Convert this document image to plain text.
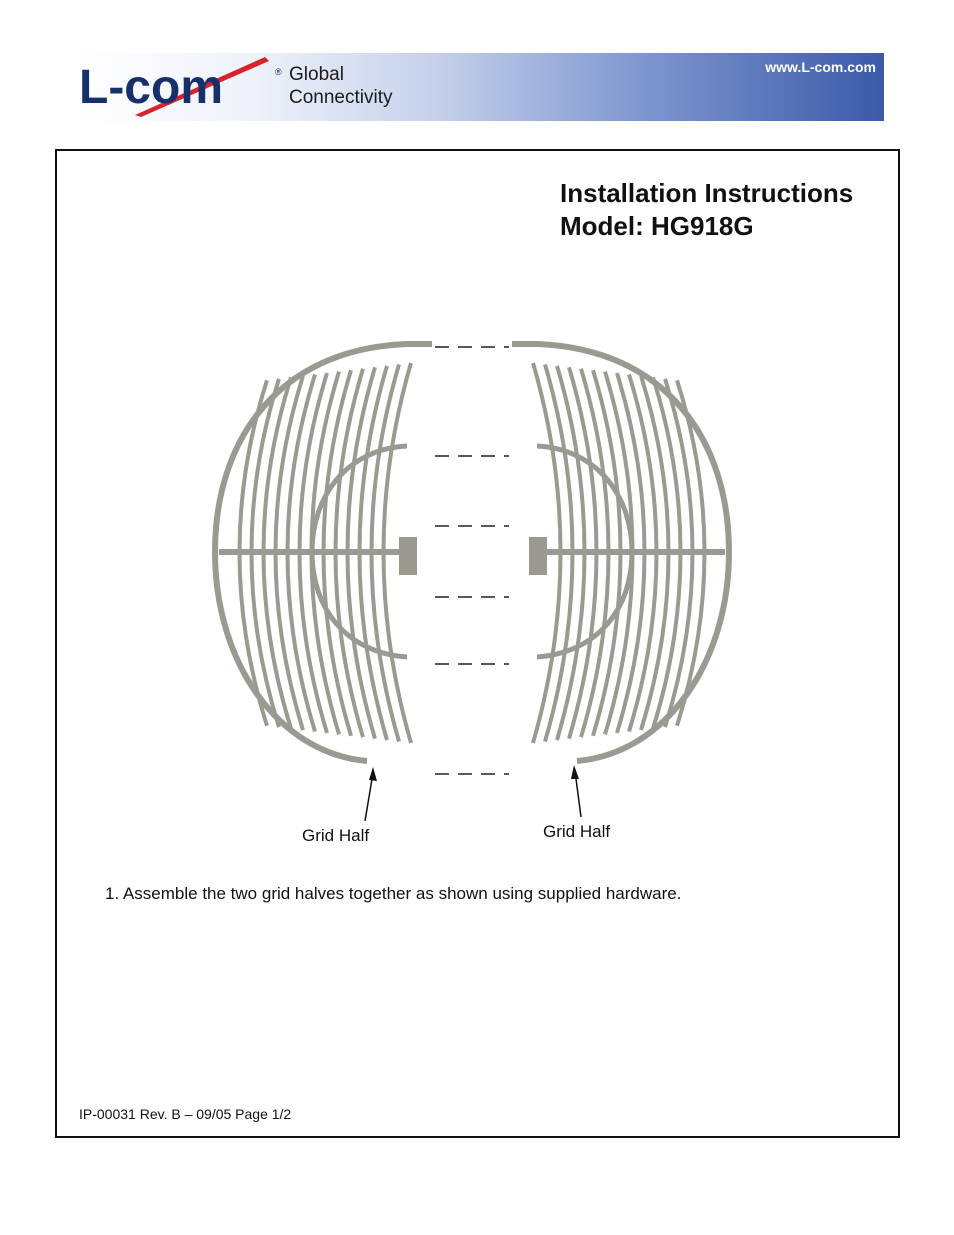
L-com	® Global
Connectivity
www.L-com.com
Installation Instructions
Model: HG918G
Grid Half	Grid Half
1. Assemble the two grid halves together as shown using supplied hardware.
IP-00031 Rev. B – 09/05 Page 1/2
